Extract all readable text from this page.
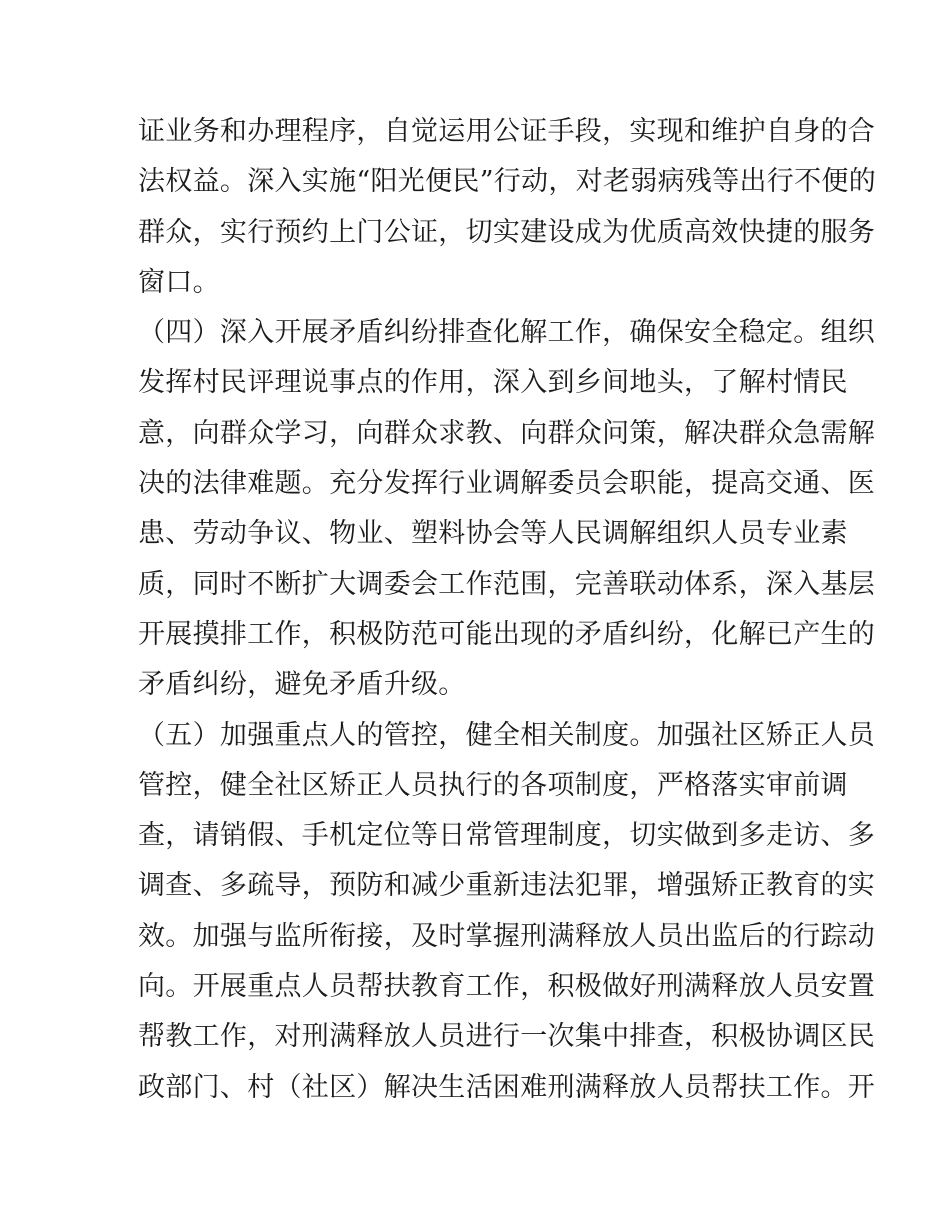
证业务和办理程序，自觉运用公证手段，实现和维护自身的合
法权益。深入实施“阳光便民”行动，对老弱病残等出行不便的
群众，实行预约上门公证，切实建设成为优质高效快捷的服务
窗口。
（四）深入开展矛盾纠纷排查化解工作，确保安全稳定。组织
发挥村民评理说事点的作用，深入到乡间地头，了解村情民
意，向群众学习，向群众求教、向群众问策，解决群众急需解
决的法律难题。充分发挥行业调解委员会职能，提高交通、医
患、劳动争议、物业、塑料协会等人民调解组织人员专业素
质，同时不断扩大调委会工作范围，完善联动体系，深入基层
开展摸排工作，积极防范可能出现的矛盾纠纷，化解已产生的
矛盾纠纷，避免矛盾升级。
（五）加强重点人的管控，健全相关制度。加强社区矫正人员
管控，健全社区矫正人员执行的各项制度，严格落实审前调
查，请销假、手机定位等日常管理制度，切实做到多走访、多
调查、多疏导，预防和减少重新违法犯罪，增强矫正教育的实
效。加强与监所衔接，及时掌握刑满释放人员出监后的行踪动
向。开展重点人员帮扶教育工作，积极做好刑满释放人员安置
帮教工作，对刑满释放人员进行一次集中排查，积极协调区民
政部门、村（社区）解决生活困难刑满释放人员帮扶工作。开
